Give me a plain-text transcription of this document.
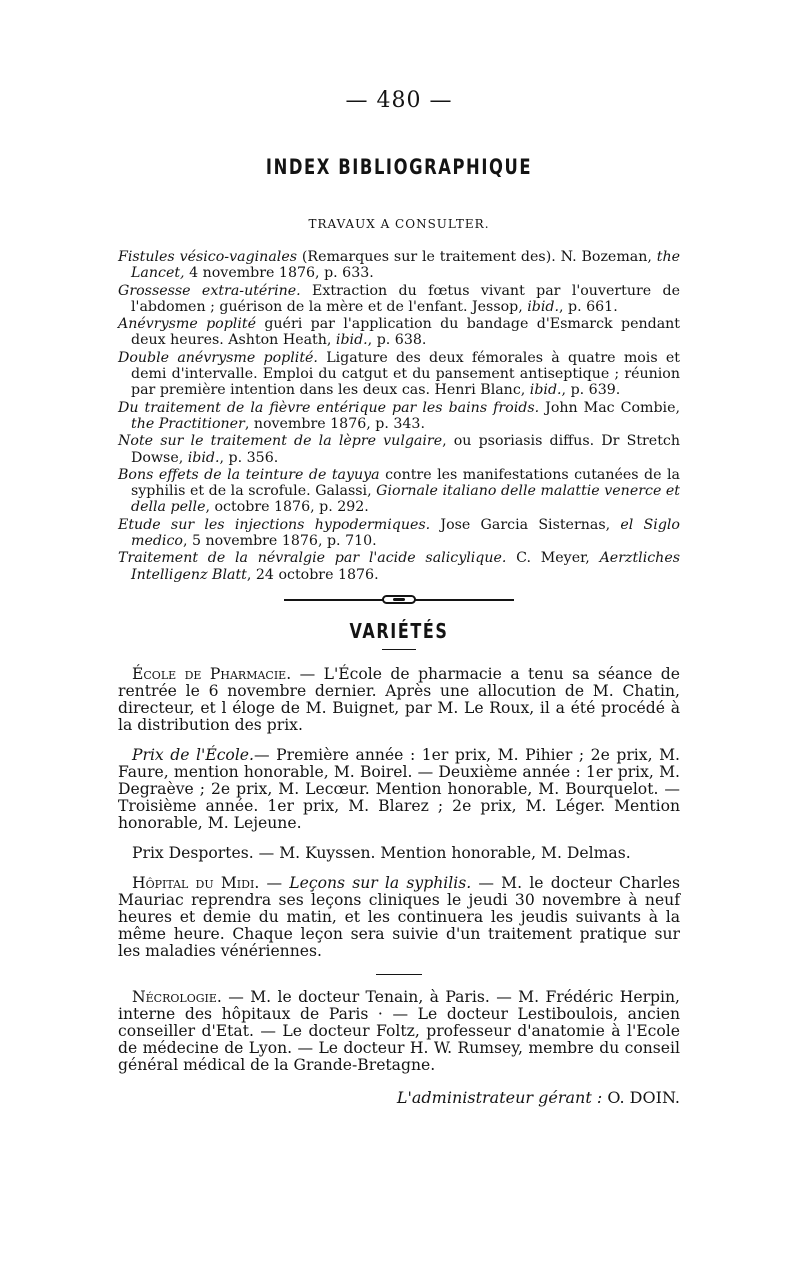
— 480 —
INDEX BIBLIOGRAPHIQUE
TRAVAUX A CONSULTER.
Fistules vésico-vaginales (Remarques sur le traitement des). N. Bozeman, the Lancet, 4 novembre 1876, p. 633.
Grossesse extra-utérine. Extraction du fœtus vivant par l'ouverture de l'abdomen ; guérison de la mère et de l'enfant. Jessop, ibid., p. 661.
Anévrysme poplité guéri par l'application du bandage d'Esmarck pendant deux heures. Ashton Heath, ibid., p. 638.
Double anévrysme poplité. Ligature des deux fémorales à quatre mois et demi d'intervalle. Emploi du catgut et du pansement antiseptique ; réunion par première intention dans les deux cas. Henri Blanc, ibid., p. 639.
Du traitement de la fièvre entérique par les bains froids. John Mac Combie, the Practitioner, novembre 1876, p. 343.
Note sur le traitement de la lèpre vulgaire, ou psoriasis diffus. Dr Stretch Dowse, ibid., p. 356.
Bons effets de la teinture de tayuya contre les manifestations cutanées de la syphilis et de la scrofule. Galassi, Giornale italiano delle malattie venerce et della pelle, octobre 1876, p. 292.
Etude sur les injections hypodermiques. Jose Garcia Sisternas, el Siglo medico, 5 novembre 1876, p. 710.
Traitement de la névralgie par l'acide salicylique. C. Meyer, Aerztliches Intelligenz Blatt, 24 octobre 1876.
VARIÉTÉS
École de Pharmacie. — L'École de pharmacie a tenu sa séance de rentrée le 6 novembre dernier. Après une allocution de M. Chatin, directeur, et l éloge de M. Buignet, par M. Le Roux, il a été procédé à la distribution des prix.
Prix de l'École.— Première année : 1er prix, M. Pihier ; 2e prix, M. Faure, mention honorable, M. Boirel. — Deuxième année : 1er prix, M. Degraève ; 2e prix, M. Lecœur. Mention honorable, M. Bourquelot. — Troisième année. 1er prix, M. Blarez ; 2e prix, M. Léger. Mention honorable, M. Lejeune.
Prix Desportes. — M. Kuyssen. Mention honorable, M. Delmas.
Hôpital du Midi. — Leçons sur la syphilis. — M. le docteur Charles Mauriac reprendra ses leçons cliniques le jeudi 30 novembre à neuf heures et demie du matin, et les continuera les jeudis suivants à la même heure. Chaque leçon sera suivie d'un traitement pratique sur les maladies vénériennes.
Nécrologie. — M. le docteur Tenain, à Paris. — M. Frédéric Herpin, interne des hôpitaux de Paris · — Le docteur Lestiboulois, ancien conseiller d'Etat. — Le docteur Foltz, professeur d'anatomie à l'Ecole de médecine de Lyon. — Le docteur H. W. Rumsey, membre du conseil général médical de la Grande-Bretagne.
L'administrateur gérant : O. DOIN.
